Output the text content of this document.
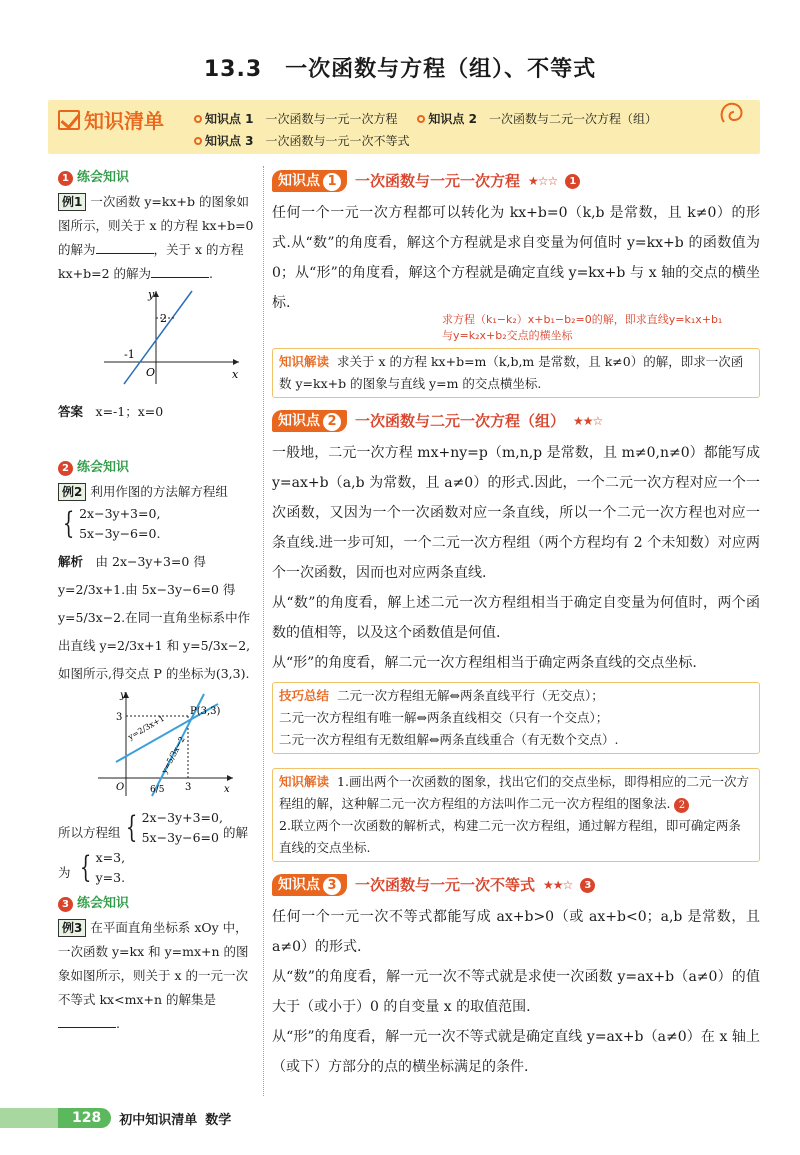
13.3　一次函数与方程（组）、不等式
知识清单	知识点 1　 一次函数与一元一次方程	知识点 2　 一次函数与二元一次方程（组）
知识点 3　 一次函数与一元一次不等式
1 练会知识
例1 一次函数 y=kx+b 的图象如图所示，则关于 x 的方程 kx+b=0 的解为	，关于 x 的方程 kx+b=2 的解为	.
y
x
O
2
-1
答案　 x=-1；x=0
2 练会知识
例2 利用作图的方法解方程组
{ 2x−3y+3=0,
5x−3y−6=0.
解析　 由 2x−3y+3=0 得 y=2/3x+1.由 5x−3y−6=0 得 y=5/3x−2.在同一直角坐标系中作出直线 y=2/3x+1 和 y=5/3x−2,如图所示,得交点 P 的坐标为(3,3).
y
x
O
3
3
6/5
P(3,3)
y=2/3x+1
y=5/3x−2
所以方程组 { 2x−3y+3=0,
5x−3y−6=0 的解为 { x=3,
y=3.
3 练会知识
例3 在平面直角坐标系 xOy 中，一次函数 y=kx 和 y=mx+n 的图象如图所示，则关于 x 的一元一次不等式 kx<mx+n 的解集是
.
知识点 1	一次函数与一元一次方程 ★☆☆	1
任何一个一元一次方程都可以转化为 kx+b=0（k,b 是常数，且 k≠0）的形式.从“数”的角度看，解这个方程就是求自变量为何值时 y=kx+b 的函数值为 0；从“形”的角度看，解这个方程就是确定直线 y=kx+b 与 x 轴的交点的横坐标.
求方程（k₁−k₂）x+b₁−b₂=0的解，即求直线y=k₁x+b₁
与y=k₂x+b₂交点的横坐标
知识解读 求关于 x 的方程 kx+b=m（k,b,m 是常数，且 k≠0）的解，即求一次函数 y=kx+b 的图象与直线 y=m 的交点横坐标.
知识点 2	一次函数与二元一次方程（组） ★★☆
一般地，二元一次方程 mx+ny=p（m,n,p 是常数，且 m≠0,n≠0）都能写成 y=ax+b（a,b 为常数，且 a≠0）的形式.因此，一个二元一次方程对应一个一次函数，又因为一个一次函数对应一条直线，所以一个二元一次方程也对应一条直线.进一步可知，一个二元一次方程组（两个方程均有 2 个未知数）对应两个一次函数，因而也对应两条直线.
从“数”的角度看，解上述二元一次方程组相当于确定自变量为何值时，两个函数的值相等，以及这个函数值是何值.
从“形”的角度看，解二元一次方程组相当于确定两条直线的交点坐标.
技巧总结 二元一次方程组无解⇔两条直线平行（无交点）；
二元一次方程组有唯一解⇔两条直线相交（只有一个交点）；
二元一次方程组有无数组解⇔两条直线重合（有无数个交点）.
知识解读 1.画出两个一次函数的图象，找出它们的交点坐标，即得相应的二元一次方程组的解，这种解二元一次方程组的方法叫作二元一次方程组的图象法. 2
2.联立两个一次函数的解析式，构建二元一次方程组，通过解方程组，即可确定两条直线的交点坐标.
知识点 3	一次函数与一元一次不等式 ★★☆	3
任何一个一元一次不等式都能写成 ax+b>0（或 ax+b<0；a,b 是常数，且 a≠0）的形式.
从“数”的角度看，解一元一次不等式就是求使一次函数 y=ax+b（a≠0）的值大于（或小于）0 的自变量 x 的取值范围.
从“形”的角度看，解一元一次不等式就是确定直线 y=ax+b（a≠0）在 x 轴上（或下）方部分的点的横坐标满足的条件.
128	初中知识清单 数学
